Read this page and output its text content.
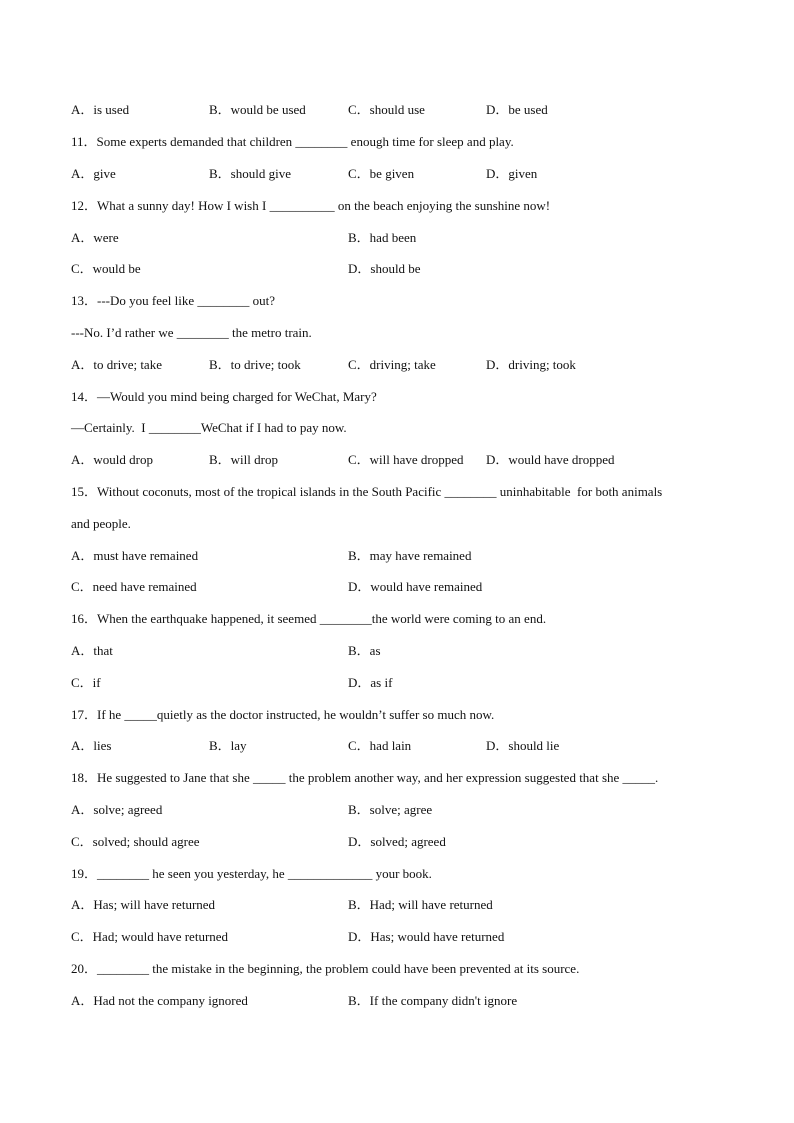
A．is used	B．would be used	C．should use	D．be used
11．Some experts demanded that children ________ enough time for sleep and play.
A．give	B．should give	C．be given	D．given
12．What a sunny day! How I wish I __________ on the beach enjoying the sunshine now!
A．were	B．had been
C．would be	D．should be
13．---Do you feel like ________ out?
---No. I’d rather we ________ the metro train.
A．to drive; take	B．to drive; took	C．driving; take	D．driving; took
14．—Would you mind being charged for WeChat, Mary?
—Certainly.  I ________WeChat if I had to pay now.
A．would drop	B．will drop	C．will have dropped D．would have dropped
15．Without coconuts, most of the tropical islands in the South Pacific ________ uninhabitable  for both animals
and people.
A．must have remained	B．may have remained
C．need have remained	D．would have remained
16．When the earthquake happened, it seemed ________the world were coming to an end.
A．that	B．as
C．if	D．as if
17．If he _____quietly as the doctor instructed, he wouldn’t suffer so much now.
A．lies	B．lay	C．had lain	D．should lie
18．He suggested to Jane that she _____ the problem another way, and her expression suggested that she _____.
A．solve; agreed	B．solve; agree
C．solved; should agree	D．solved; agreed
19．________ he seen you yesterday, he _____________ your book.
A．Has; will have returned	B．Had; will have returned
C．Had; would have returned	D．Has; would have returned
20．________ the mistake in the beginning, the problem could have been prevented at its source.
A．Had not the company ignored	B．If the company didn't ignore
